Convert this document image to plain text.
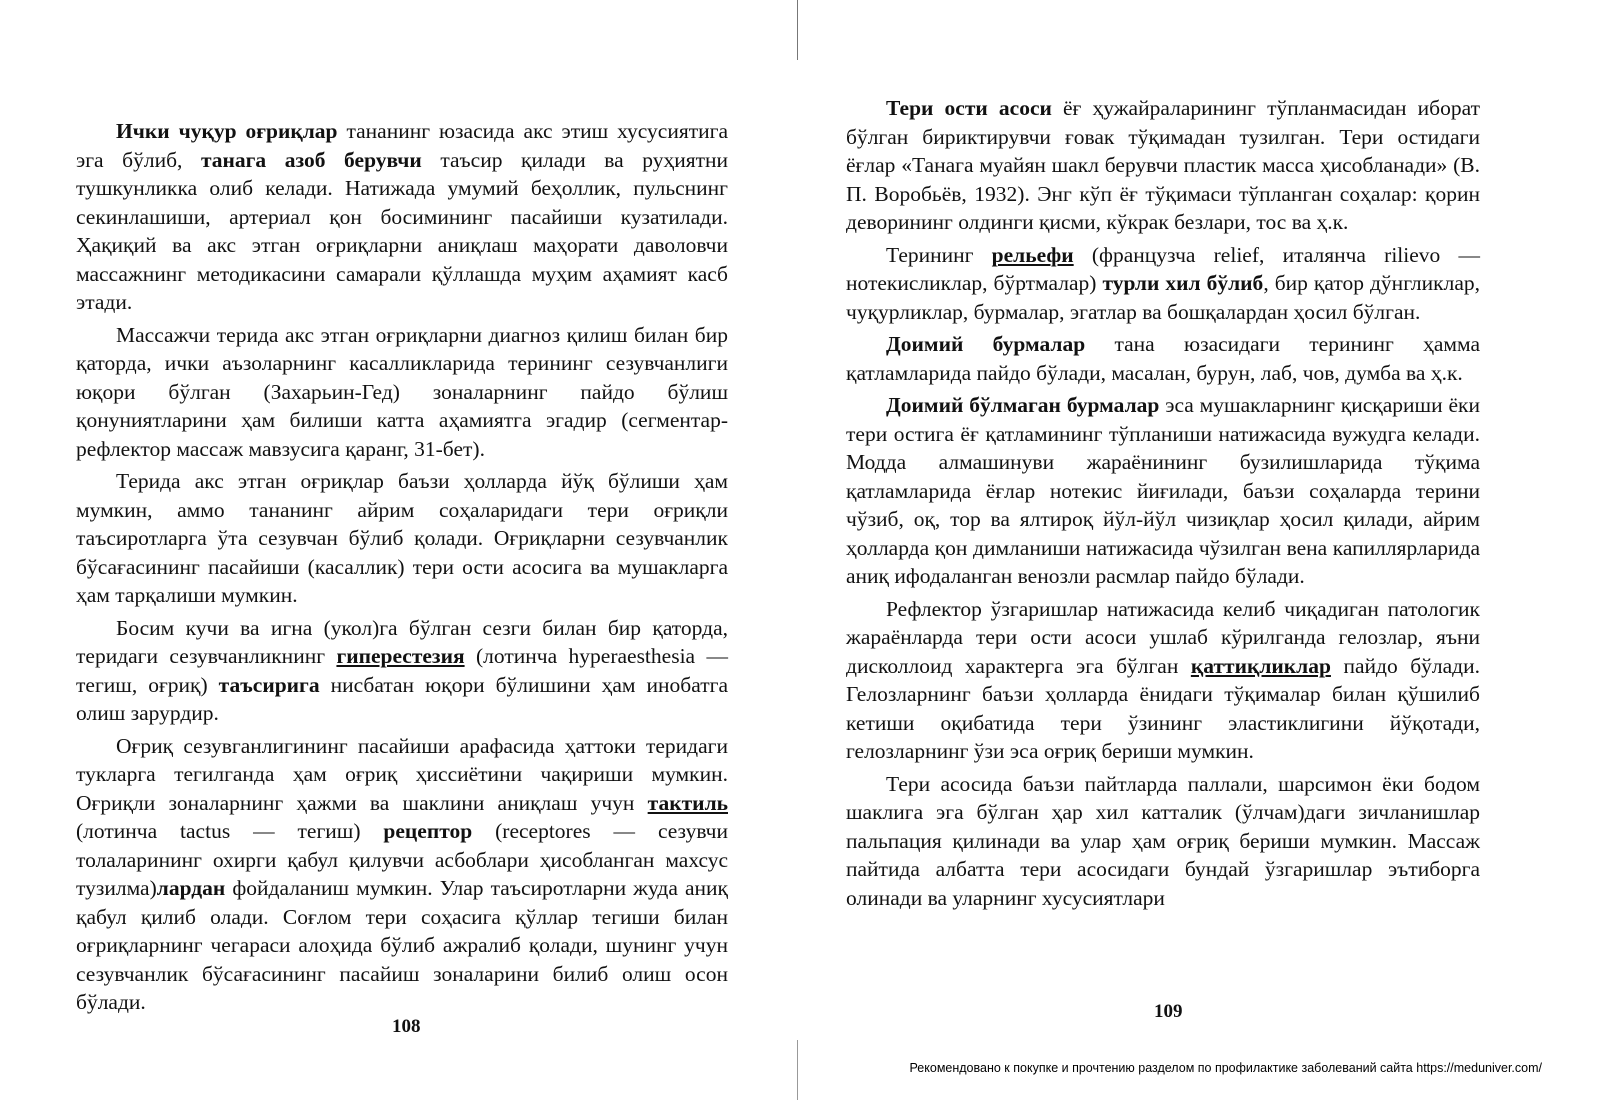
Ички чуқур оғриқлар тананинг юзасида акс этиш хусусиятига эга бўлиб, танага азоб берувчи таъсир қилади ва руҳиятни тушкунликка олиб келади. Натижада умумий беҳоллик, пульснинг секинлашиши, артериал қон босимининг пасайиши кузатилади. Ҳақиқий ва акс этган оғриқларни аниқлаш маҳорати даволовчи массажнинг методикасини самарали қўллашда муҳим аҳамият касб этади.

Массажчи терида акс этган оғриқларни диагноз қилиш билан бир қаторда, ички аъзоларнинг касалликларида терининг сезувчанлиги юқори бўлган (Захарьин-Гед) зоналарнинг пайдо бўлиш қонуниятларини ҳам билиши катта аҳамиятга эгадир (сегментар-рефлектор массаж мавзусига қаранг, 31-бет).

Терида акс этган оғриқлар баъзи ҳолларда йўқ бўлиши ҳам мумкин, аммо тананинг айрим соҳаларидаги тери оғриқли таъсиротларга ўта сезувчан бўлиб қолади. Оғриқларни сезувчанлик бўсағасининг пасайиши (касаллик) тери ости асосига ва мушакларга ҳам тарқалиши мумкин.

Босим кучи ва игна (укол)га бўлган сезги билан бир қаторда, теридаги сезувчанликнинг гиперестезия (лотинча hyperaesthesia — тегиш, оғриқ) таъсирига нисбатан юқори бўлишини ҳам инобатга олиш зарурдир.

Оғриқ сезувганлигининг пасайиши арафасида ҳаттоки теридаги тукларга тегилганда ҳам оғриқ ҳиссиётини чақириши мумкин. Оғриқли зоналарнинг ҳажми ва шаклини аниқлаш учун тактиль (лотинча tactus — тегиш) рецептор (receptores — сезувчи толаларининг охирги қабул қилувчи асбоблари ҳисобланган махсус тузилма)лардан фойдаланиш мумкин. Улар таъсиротларни жуда аниқ қабул қилиб олади. Соғлом тери соҳасига қўллар тегиши билан оғриқларнинг чегараси алоҳида бўлиб ажралиб қолади, шунинг учун сезувчанлик бўсағасининг пасайиш зоналарини билиб олиш осон бўлади.

108

Тери ости асоси ёғ ҳужайраларининг тўпланмасидан иборат бўлган бириктирувчи ғовак тўқимадан тузилган. Тери остидаги ёғлар «Танага муайян шакл берувчи пластик масса ҳисобланади» (В. П. Воробьёв, 1932). Энг кўп ёғ тўқимаси тўпланган соҳалар: қорин деворининг олдинги қисми, кўкрак безлари, тос ва ҳ.к.

Терининг рельефи (французча relief, италянча rilievo — нотекисликлар, бўртмалар) турли хил бўлиб, бир қатор дўнгликлар, чуқурликлар, бурмалар, эгатлар ва бошқалардан ҳосил бўлган.

Доимий бурмалар тана юзасидаги терининг ҳамма қатламларида пайдо бўлади, масалан, бурун, лаб, чов, думба ва ҳ.к.

Доимий бўлмаган бурмалар эса мушакларнинг қисқариши ёки тери остига ёғ қатламининг тўпланиши натижасида вужудга келади. Модда алмашинуви жараёнининг бузилишларида тўқима қатламларида ёғлар нотекис йиғилади, баъзи соҳаларда терини чўзиб, оқ, тор ва ялтироқ йўл-йўл чизиқлар ҳосил қилади, айрим ҳолларда қон димланиши натижасида чўзилган вена капиллярларида аниқ ифодаланган венозли расмлар пайдо бўлади.

Рефлектор ўзгаришлар натижасида келиб чиқадиган патологик жараёнларда тери ости асоси ушлаб кўрилганда гелозлар, яъни дисколлоид характерга эга бўлган қаттиқликлар пайдо бўлади. Гелозларнинг баъзи ҳолларда ёнидаги тўқималар билан қўшилиб кетиши оқибатида тери ўзининг эластиклигини йўқотади, гелозларнинг ўзи эса оғриқ бериши мумкин.

Тери асосида баъзи пайтларда паллали, шарсимон ёки бодом шаклига эга бўлган ҳар хил катталик (ўлчам)даги зичланишлар пальпация қилинади ва улар ҳам оғриқ бериши мумкин. Массаж пайтида албатта тери асосидаги бундай ўзгаришлар эътиборга олинади ва уларнинг хусусиятлари

109
Рекомендовано к покупке и прочтению разделом по профилактике заболеваний сайта https://meduniver.com/
